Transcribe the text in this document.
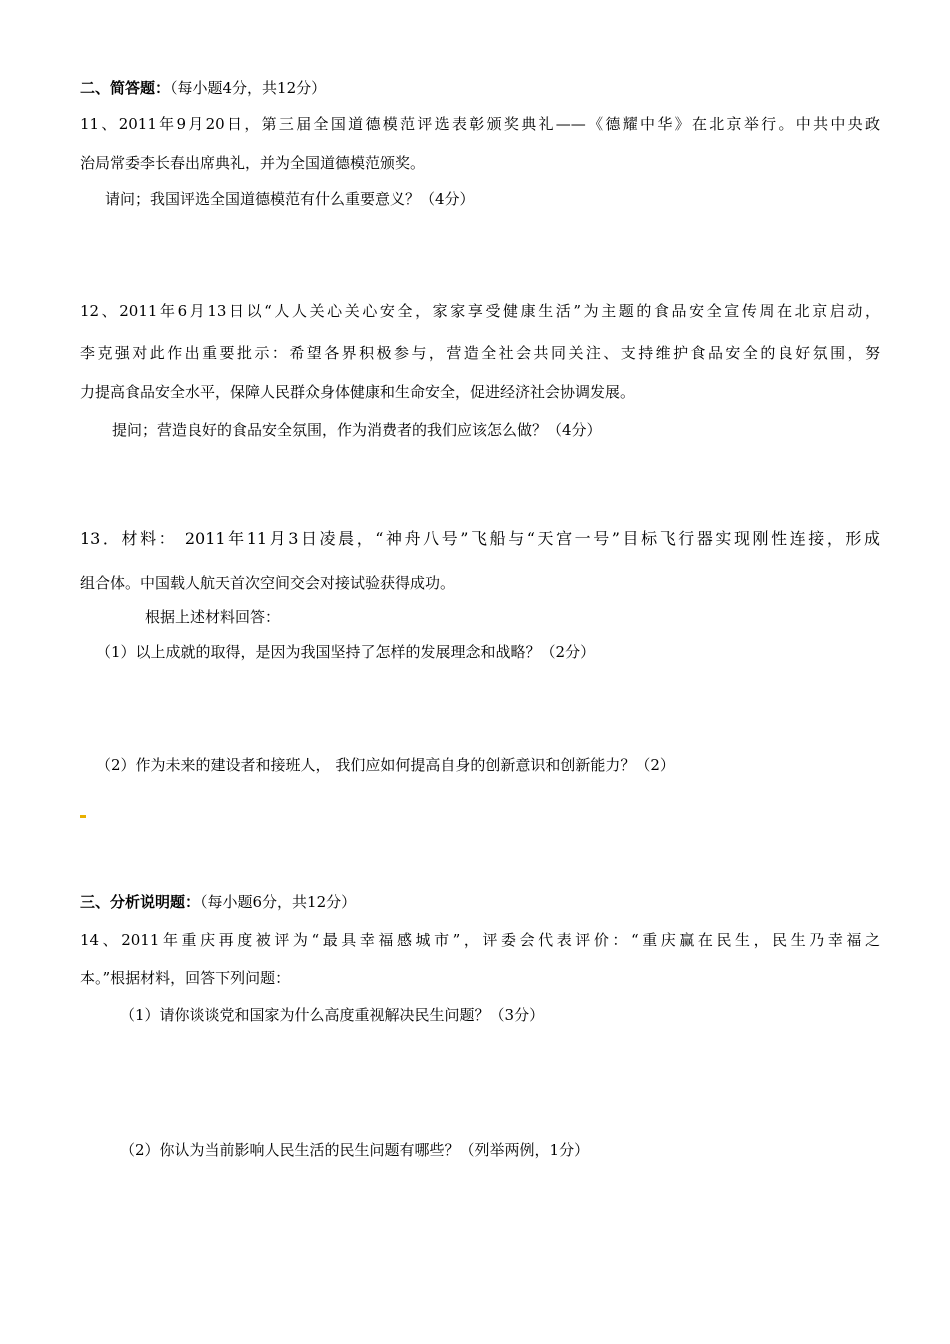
二、简答题：（每小题4分，共12分）
11、2011年9月20日，第三届全国道德模范评选表彰颁奖典礼——《德耀中华》在北京举行。中共中央政
治局常委李长春出席典礼，并为全国道德模范颁奖。
请问；我国评选全国道德模范有什么重要意义？（4分）
12、2011年6月13日以“人人关心关心安全，家家享受健康生活”为主题的食品安全宣传周在北京启动，
李克强对此作出重要批示：希望各界积极参与，营造全社会共同关注、支持维护食品安全的良好氛围，努
力提高食品安全水平，保障人民群众身体健康和生命安全，促进经济社会协调发展。
提问；营造良好的食品安全氛围，作为消费者的我们应该怎么做？（4分）
13．材料： 2011年11月3日凌晨，“神舟八号”飞船与“天宫一号”目标飞行器实现刚性连接，形成
组合体。中国载人航天首次空间交会对接试验获得成功。
根据上述材料回答：
（1）以上成就的取得，是因为我国坚持了怎样的发展理念和战略？（2分）
（2）作为未来的建设者和接班人， 我们应如何提高自身的创新意识和创新能力？（2）
三、分析说明题：（每小题6分，共12分）
14、2011年重庆再度被评为“最具幸福感城市”，评委会代表评价：“重庆赢在民生，民生乃幸福之
本。”根据材料，回答下列问题：
（1）请你谈谈党和国家为什么高度重视解决民生问题？（3分）
（2）你认为当前影响人民生活的民生问题有哪些？（列举两例，1分）
